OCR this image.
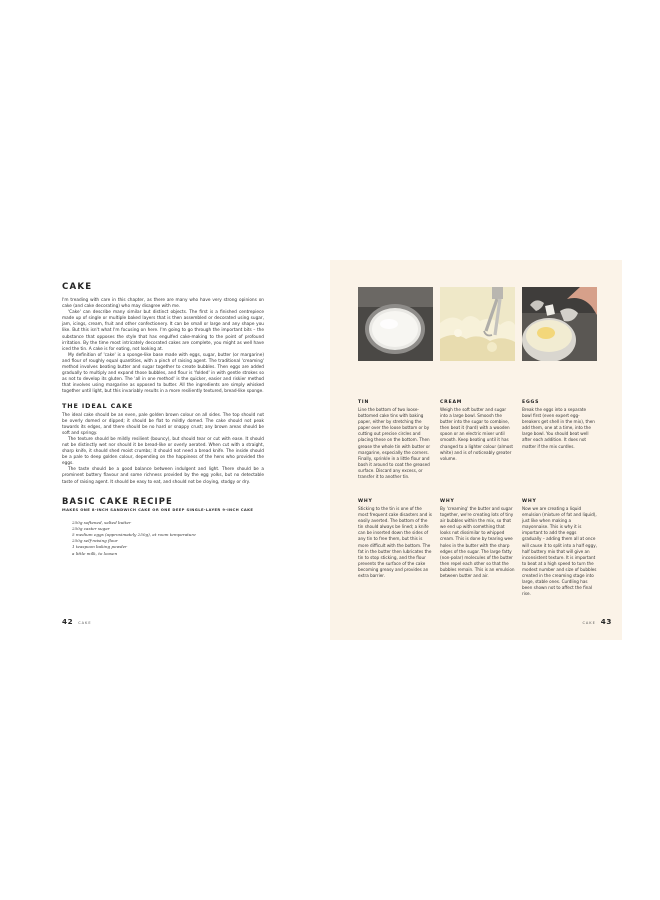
CAKE

I'm treading with care in this chapter, as there are many who have very strong opinions on cake (and cake decorating) who may disagree with me.

'Cake' can describe many similar but distinct objects. The first is a finished centrepiece made up of single or multiple baked layers that is then assembled or decorated using sugar, jam, icings, cream, fruit and other confectionery. It can be small or large and any shape you like. But this isn't what I'm focusing on here. I'm going to go through the important bits – the substance that opposes the style that has engulfed cake-making to the point of profound irritation. By the time most intricately decorated cakes are complete, you might as well have iced the tin. A cake is for eating, not looking at.

My definition of 'cake' is a sponge-like base made with eggs, sugar, butter (or margarine) and flour of roughly equal quantities, with a pinch of raising agent. The traditional 'creaming' method involves beating butter and sugar together to create bubbles. Then eggs are added gradually to multiply and expand those bubbles, and flour is 'folded' in with gentle strokes so as not to develop its gluten. The 'all in one method' is the quicker, easier and riskier method that involves using margarine as opposed to butter. All the ingredients are simply whisked together until light, but this invariably results in a more resiliently textured, bread-like sponge.

THE IDEAL CAKE

The ideal cake should be an even, pale golden brown colour on all sides. The top should not be overly domed or dipped; it should be flat to mildly domed. The cake should not peak towards its edges, and there should be no hard or snappy crust; any brown areas should be soft and springy.

The texture should be mildly resilient (bouncy), but should tear or cut with ease. It should not be distinctly wet nor should it be bread-like or overly aerated. When cut with a straight, sharp knife, it should shed moist crumbs; it should not need a bread knife. The inside should be a pale to deep golden colour, depending on the happiness of the hens who provided the eggs.

The taste should be a good balance between indulgent and light. There should be a prominent buttery flavour and some richness provided by the egg yolks, but no detectable taste of raising agent. It should be easy to eat, and should not be cloying, stodgy or dry.

BASIC CAKE RECIPE
MAKES ONE 8-INCH SANDWICH CAKE OR ONE DEEP SINGLE-LAYER 9-INCH CAKE
250g softened, salted butter
250g caster sugar
5 medium eggs (approximately 250g), at room temperature
250g self-raising flour
1 teaspoon baking powder
a little milk, to loosen
42 CAKE
TIN

Line the bottom of two loose-bottomed cake tins with baking paper, either by stretching the paper over the loose bottom or by cutting out precise circles and placing these on the bottom. Then grease the whole tin with butter or margarine, especially the corners. Finally, sprinkle in a little flour and bash it around to coat the greased surface. Discard any excess, or transfer it to another tin.

CREAM

Weigh the soft butter and sugar into a large bowl. Smoosh the butter into the sugar to combine, then beat it (hard) with a wooden spoon or an electric mixer until smooth. Keep beating until it has changed to a lighter colour (almost white) and is of noticeably greater volume.

EGGS

Break the eggs into a separate bowl first (even expert egg-breakers get shell in the mix), then add them, one at a time, into the large bowl. You should beat well after each addition. It does not matter if the mix curdles.

WHY

Sticking to the tin is one of the most frequent cake disasters and is easily averted. The bottom of the tin should always be lined; a knife can be inserted down the sides of any tin to free them, but this is more difficult with the bottom. The fat in the butter then lubricates the tin to stop sticking, and the flour prevents the surface of the cake becoming greasy and provides an extra barrier.

WHY

By 'creaming' the butter and sugar together, we're creating lots of tiny air bubbles within the mix, so that we end up with something that looks not dissimilar to whipped cream. This is done by tearing wee holes in the butter with the sharp edges of the sugar. The large fatty (non-polar) molecules of the butter then repel each other so that the bubbles remain. This is an emulsion between butter and air.

WHY

Now we are creating a liquid emulsion (mixture of fat and liquid), just like when making a mayonnaise. This is why it is important to add the eggs gradually – adding them all at once will cause it to split into a half eggy, half buttery mix that will give an inconsistent texture. It is important to beat at a high speed to turn the modest number and size of bubbles created in the creaming stage into large, stable ones. Curdling has been shown not to affect the final rise.

CAKE 43
